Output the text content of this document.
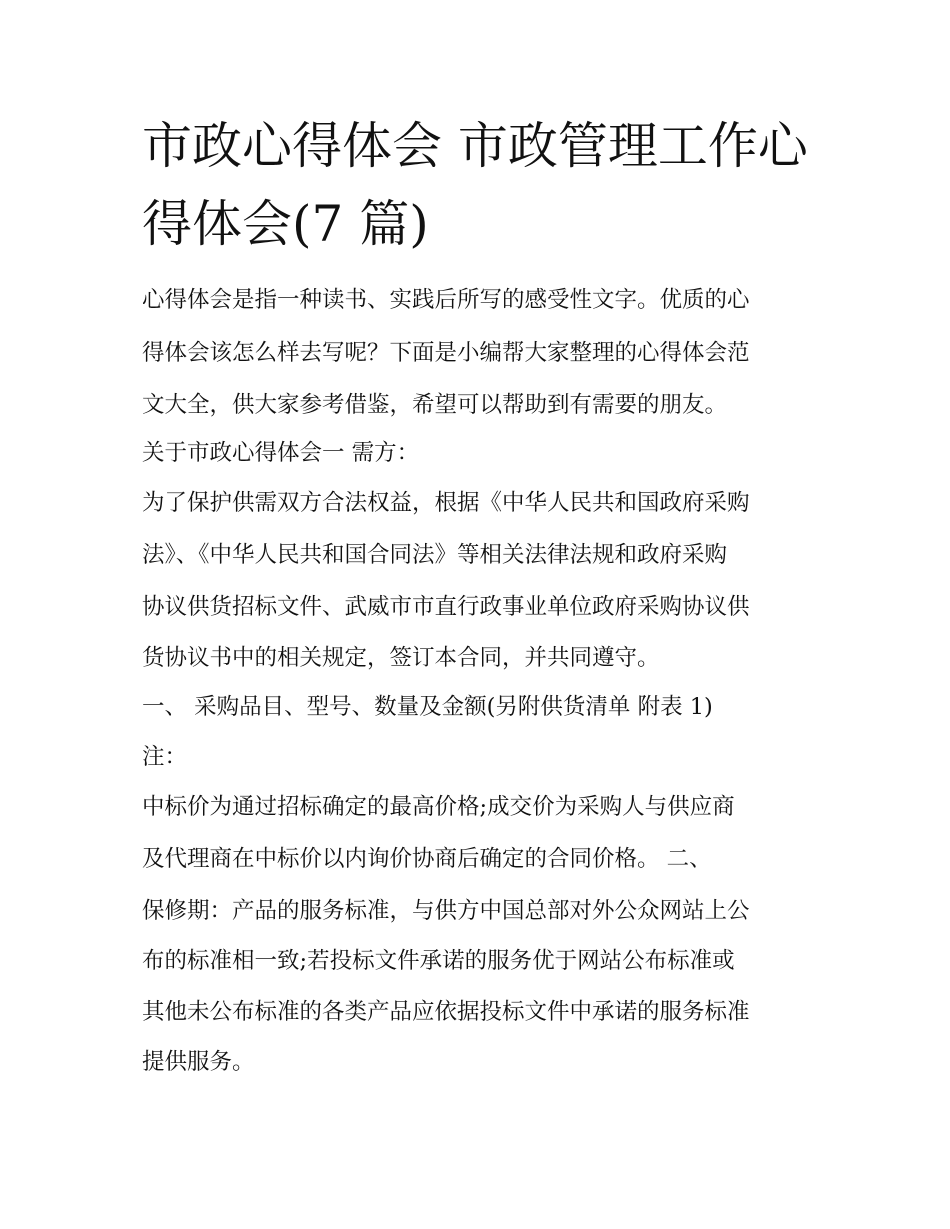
市政心得体会 市政管理工作心
得体会(7 篇)
心得体会是指一种读书、实践后所写的感受性文字。优质的心
得体会该怎么样去写呢？下面是小编帮大家整理的心得体会范
文大全，供大家参考借鉴，希望可以帮助到有需要的朋友。
关于市政心得体会一 需方：
为了保护供需双方合法权益，根据《中华人民共和国政府采购
法》、《中华人民共和国合同法》等相关法律法规和政府采购
协议供货招标文件、武威市市直行政事业单位政府采购协议供
货协议书中的相关规定，签订本合同，并共同遵守。
一、 采购品目、型号、数量及金额(另附供货清单 附表 1)
注：
中标价为通过招标确定的最高价格;成交价为采购人与供应商
及代理商在中标价以内询价协商后确定的合同价格。 二、
保修期：产品的服务标准，与供方中国总部对外公众网站上公
布的标准相一致;若投标文件承诺的服务优于网站公布标准或
其他未公布标准的各类产品应依据投标文件中承诺的服务标准
提供服务。
